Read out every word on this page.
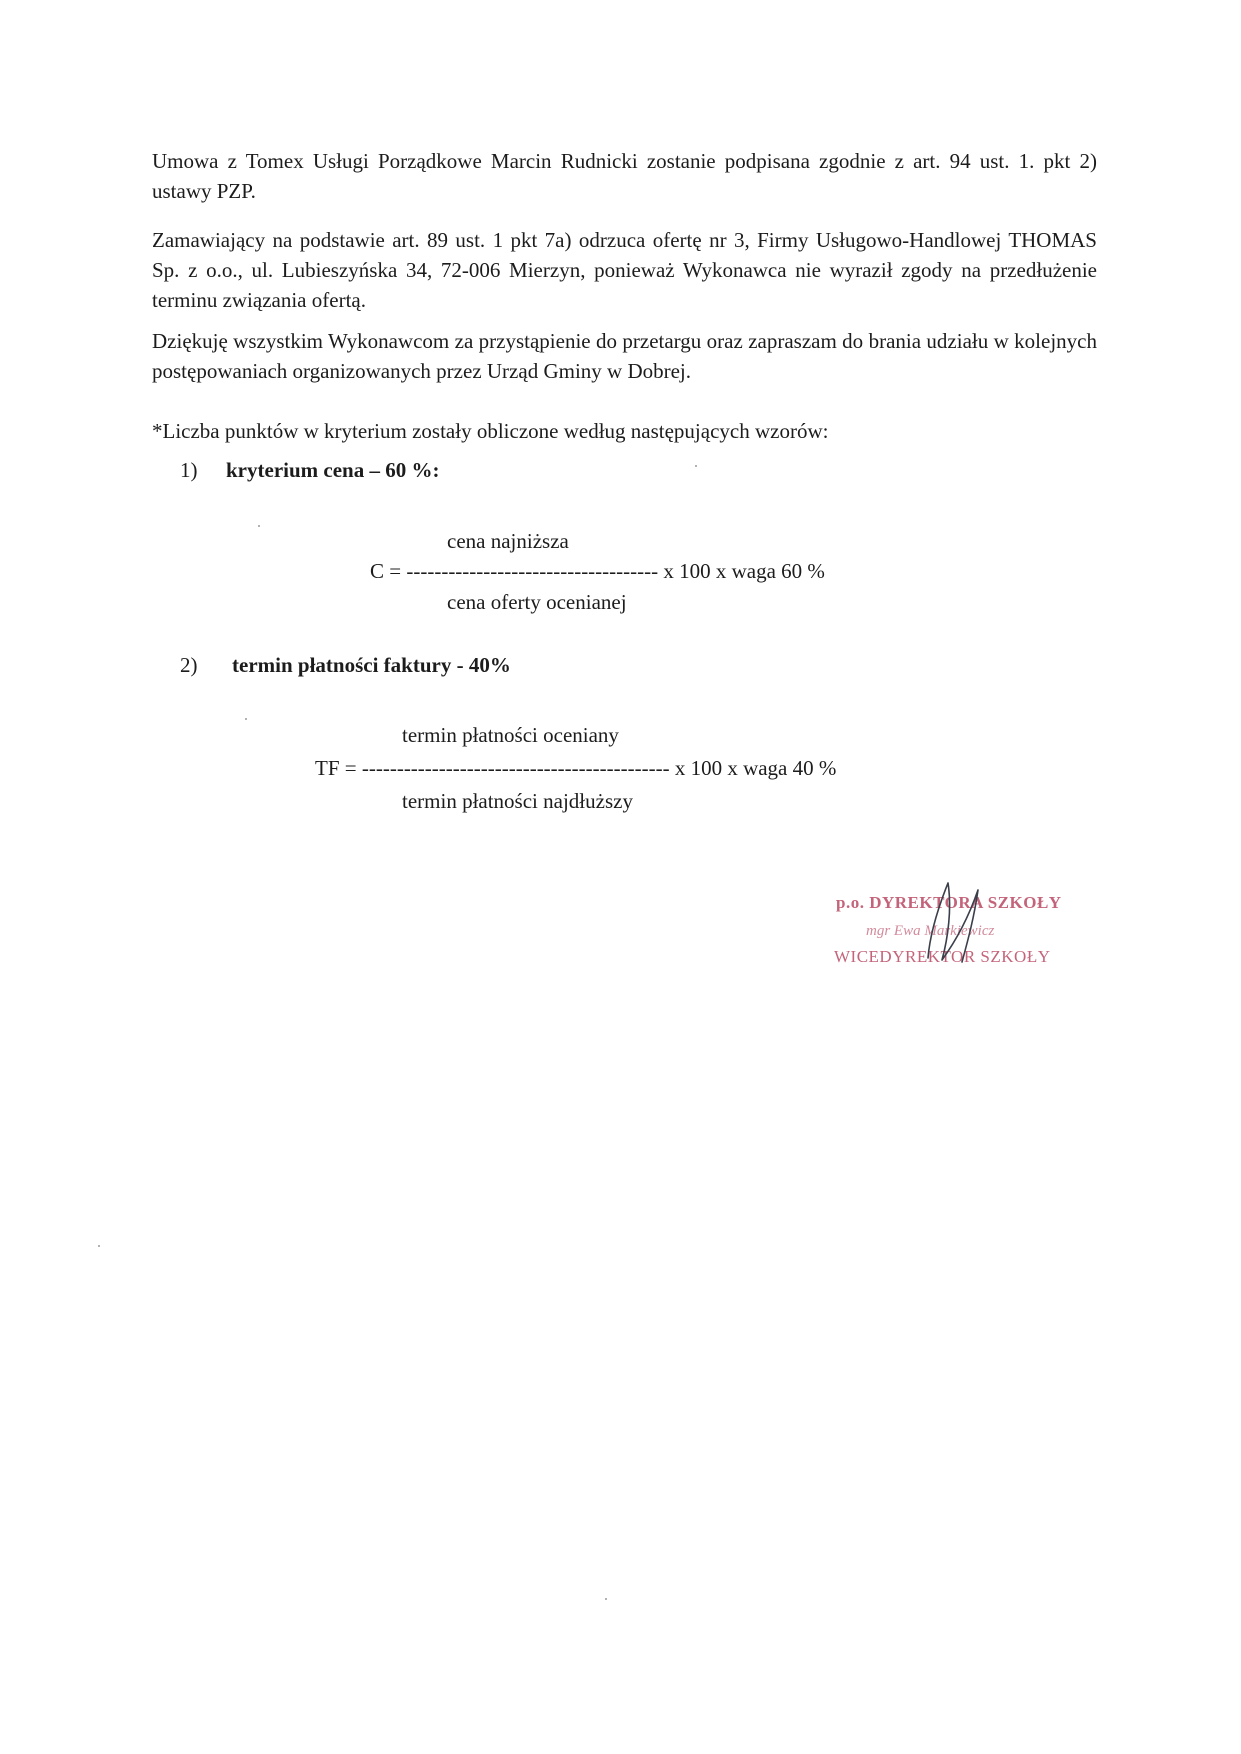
Umowa z Tomex Usługi Porządkowe Marcin Rudnicki zostanie podpisana zgodnie z art. 94 ust. 1. pkt 2) ustawy PZP.

Zamawiający na podstawie art. 89 ust. 1 pkt 7a) odrzuca ofertę nr 3, Firmy Usługowo-Handlowej THOMAS Sp. z o.o., ul. Lubieszyńska 34, 72-006 Mierzyn, ponieważ Wykonawca nie wyraził zgody na przedłużenie terminu związania ofertą.

Dziękuję wszystkim Wykonawcom za przystąpienie do przetargu oraz zapraszam do brania udziału w kolejnych postępowaniach organizowanych przez Urząd Gminy w Dobrej.

*Liczba punktów w kryterium zostały obliczone według następujących wzorów:

1) kryterium cena – 60 %:
cena najniższa
C = ------------------------------------ x 100 x waga 60 %
cena oferty ocenianej
2) termin płatności faktury - 40%
termin płatności oceniany
TF = -------------------------------------------- x 100 x waga 40 %
termin płatności najdłuższy
p.o. DYREKTORA SZKOŁY
mgr Ewa Markiewicz
WICEDYREKTOR SZKOŁY
